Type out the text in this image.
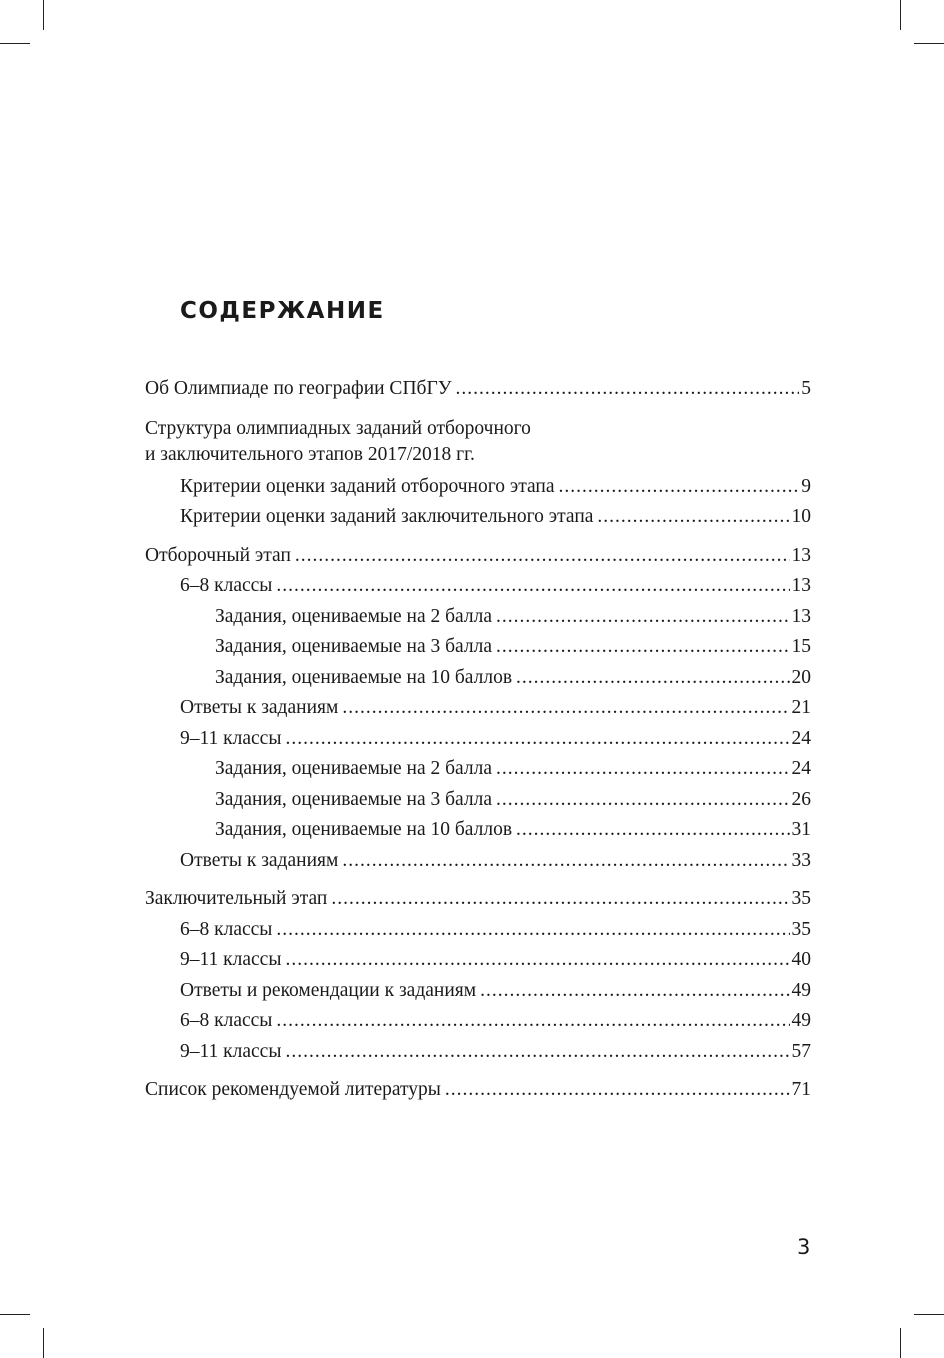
СОДЕРЖАНИЕ
Об Олимпиаде по географии СПбГУ .....	5
Структура олимпиадных заданий отборочного
и заключительного этапов 2017/2018 гг.
Критерии оценки заданий отборочного этапа .....	9
Критерии оценки заданий заключительного этапа .....	10
Отборочный этап .....	13
6–8 классы .....	13
Задания, оцениваемые на 2 балла .....	13
Задания, оцениваемые на 3 балла .....	15
Задания, оцениваемые на 10 баллов .....	20
Ответы к заданиям .....	21
9–11 классы .....	24
Задания, оцениваемые на 2 балла .....	24
Задания, оцениваемые на 3 балла .....	26
Задания, оцениваемые на 10 баллов .....	31
Ответы к заданиям .....	33
Заключительный этап .....	35
6–8 классы .....	35
9–11 классы .....	40
Ответы и рекомендации к заданиям .....	49
6–8 классы .....	49
9–11 классы .....	57
Список рекомендуемой литературы .....	71
3
